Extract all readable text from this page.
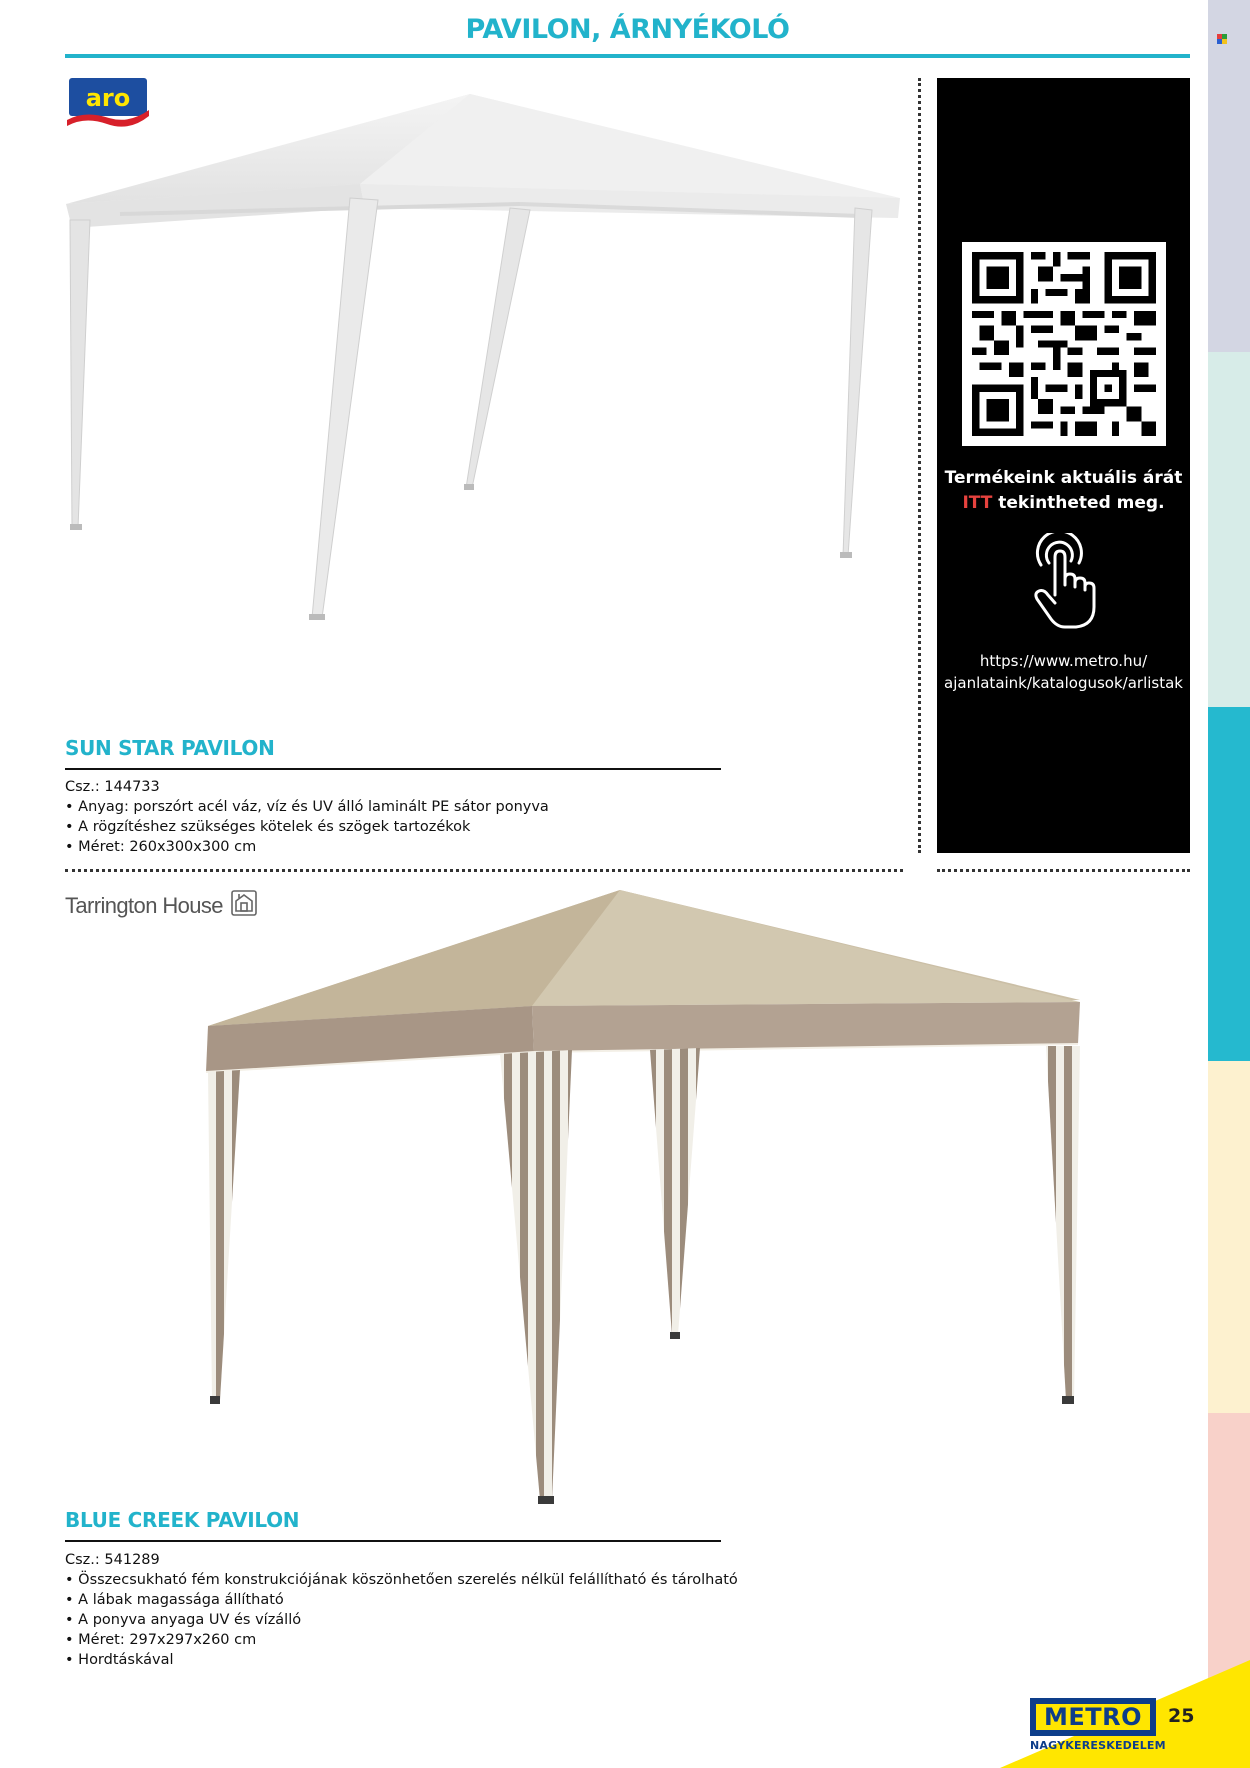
PAVILON, ÁRNYÉKOLÓ
aro
Termékeink aktuális árát
ITT tekintheted meg.
https://www.metro.hu/
ajanlataink/katalogusok/arlistak
SUN STAR PAVILON
Csz.: 144733
• Anyag: porszórt acél váz, víz és UV álló laminált PE sátor ponyva
• A rögzítéshez szükséges kötelek és szögek tartozékok
• Méret: 260x300x300 cm
Tarrington House
BLUE CREEK PAVILON
Csz.: 541289
• Összecsukható fém konstrukciójának köszönhetően szerelés nélkül felállítható és tárolható
• A lábak magassága állítható
• A ponyva anyaga UV és vízálló
• Méret: 297x297x260 cm
• Hordtáskával
METRO
NAGYKERESKEDELEM
25
